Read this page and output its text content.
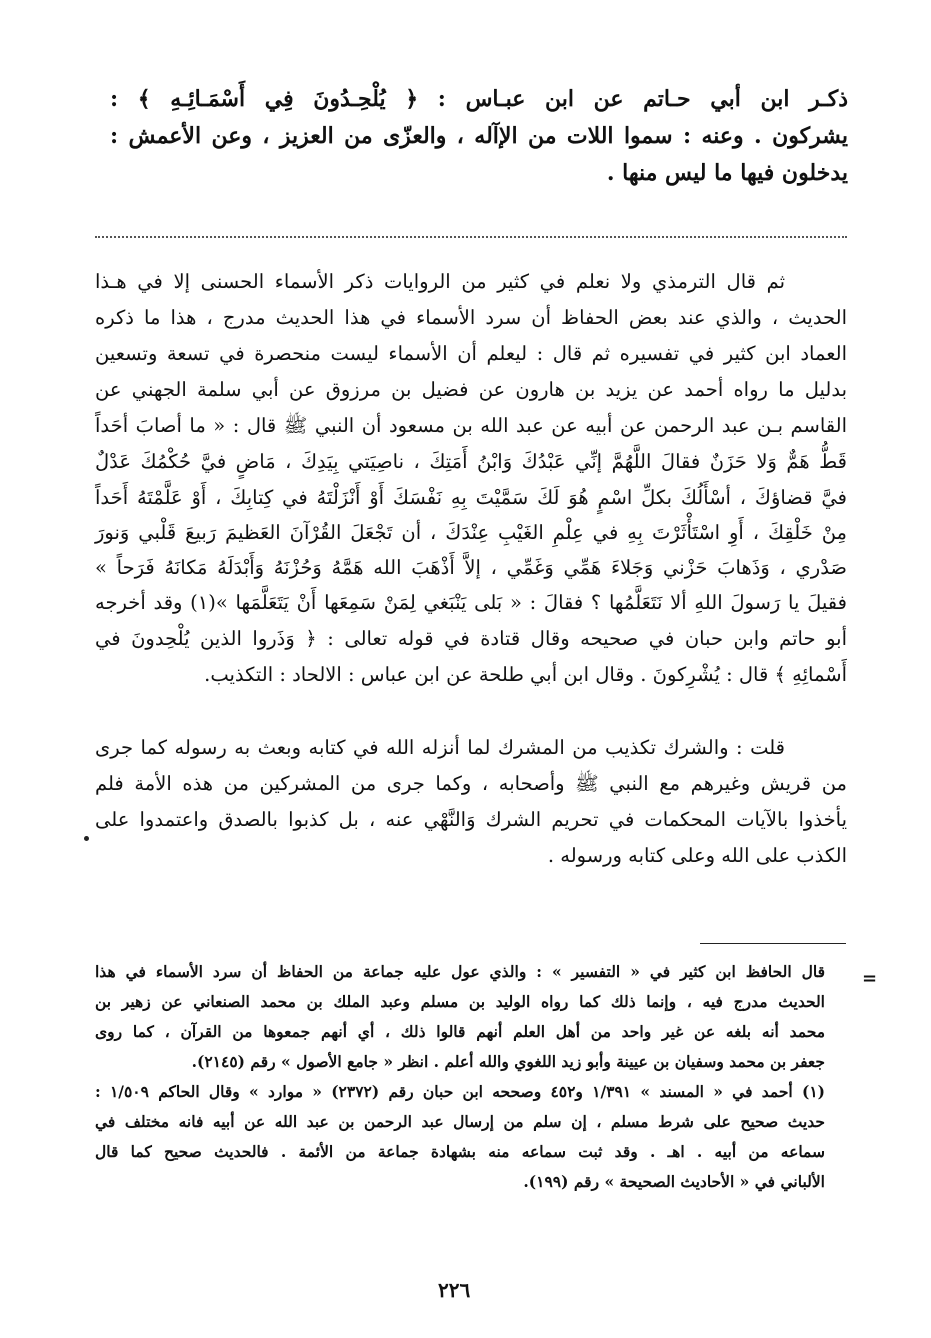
ذكـر ابن أبي حـاتم عن ابن عبـاس : ﴿ يُلْحِـدُونَ فِي أَسْمَـائِـهِ ﴾ :
يشركون . وعنه : سموا اللات من الإآله ، والعزّى من العزيز ، وعن الأعمش :
يدخلون فيها ما ليس منها .
ثم قال الترمذي ولا نعلم في كثير من الروايات ذكر الأسماء الحسنى إلا في هـذا
الحديث ، والذي عند بعض الحفاظ أن سرد الأسماء في هذا الحديث مدرج ، هذا ما ذكره
العماد ابن كثير في تفسيره ثم قال : ليعلم أن الأسماء ليست منحصرة في تسعة وتسعين
بدليل ما رواه أحمد عن يزيد بن هارون عن فضيل بن مرزوق عن أبي سلمة الجهني عن
القاسم بـن عبد الرحمن عن أبيه عن عبد الله بن مسعود أن النبي ﷺ قال : « ما أصابَ أحَداً
قَطُّ هَمٌّ وَلا حَزَنٌ فقالَ اللَّهُمَّ إنِّي عَبْدُكَ وَابْنُ أَمَتِكَ ، ناصِيَتي بِيَدِكَ ، مَاضٍ فيَّ حُكْمُكَ عَدْلٌ
فيَّ قضاؤكَ ، أسْأَلُكَ بكلِّ اسْمٍ هُوَ لَكَ سَمَّيْتَ بِهِ نَفْسَكَ أَوْ أَنْزَلْتَهُ في كِتابِكَ ، أَوْ عَلَّمْتَهُ أَحَداً
مِنْ خَلْقِكَ ، أَوِ اسْتَأْثَرْتَ بِهِ في عِلْمِ الغَيْبِ عِنْدَكَ ، أن تَجْعَلَ القُرْآنَ العَظيمَ رَبيعَ قَلْبي وَنورَ
صَدْري ، وَذَهابَ حَزْني وَجَلاءَ هَمِّي وَغَمِّي ، إلاَّ أَذْهَبَ الله هَمَّهُ وَحُزْنَهُ وَأَبْدَلَهُ مَكانَهُ فَرَحاً »
فقيلَ يا رَسولَ اللهِ ألا نَتَعَلَّمُها ؟ فقالَ : « بَلى يَنْبَغي لِمَنْ سَمِعَها أَنْ يَتَعَلَّمَها »(١) وقد أخرجه
أبو حاتم وابن حبان في صحيحه وقال قتادة في قوله تعالى : ﴿ وَذَروا الذين يُلْحِدونَ في
أَسْمائِهِ ﴾ قال : يُشْرِكونَ . وقال ابن أبي طلحة عن ابن عباس : الالحاد : التكذيب.
قلت : والشرك تكذيب من المشرك لما أنزله الله في كتابه وبعث به رسوله كما جرى
من قريش وغيرهم مع النبي ﷺ وأصحابه ، وكما جرى من المشركين من هذه الأمة فلم
يأخذوا بالآيات المحكمات في تحريم الشرك وَالنَّهْي عنه ، بل كذبوا بالصدق واعتمدوا على
الكذب على الله وعلى كتابه ورسوله .
=
قال الحافظ ابن كثير في « التفسير » : والذي عول عليه جماعة من الحفاظ أن سرد الأسماء في هذا
الحديث مدرج فيه ، وإنما ذلك كما رواه الوليد بن مسلم وعبد الملك بن محمد الصنعاني عن زهير بن
محمد أنه بلغه عن غير واحد من أهل العلم أنهم قالوا ذلك ، أي أنهم جمعوها من القرآن ، كما روى
جعفر بن محمد وسفيان بن عيينة وأبو زيد اللغوي والله أعلم . انظر « جامع الأصول » رقم (٢١٤٥).
(١) أحمد في « المسند » ١/٣٩١ و٤٥٢ وصححه ابن حبان رقم (٢٣٧٢) « موارد » وقال الحاكم ١/٥٠٩ :
حديث صحيح على شرط مسلم ، إن سلم من إرسال عبد الرحمن بن عبد الله عن أبيه فانه مختلف في
سماعه من أبيه . اهـ . وقد ثبت سماعه منه بشهادة جماعة من الأئمة . فالحديث صحيح كما قال
الألباني في « الأحاديث الصحيحة » رقم (١٩٩).
٢٢٦
